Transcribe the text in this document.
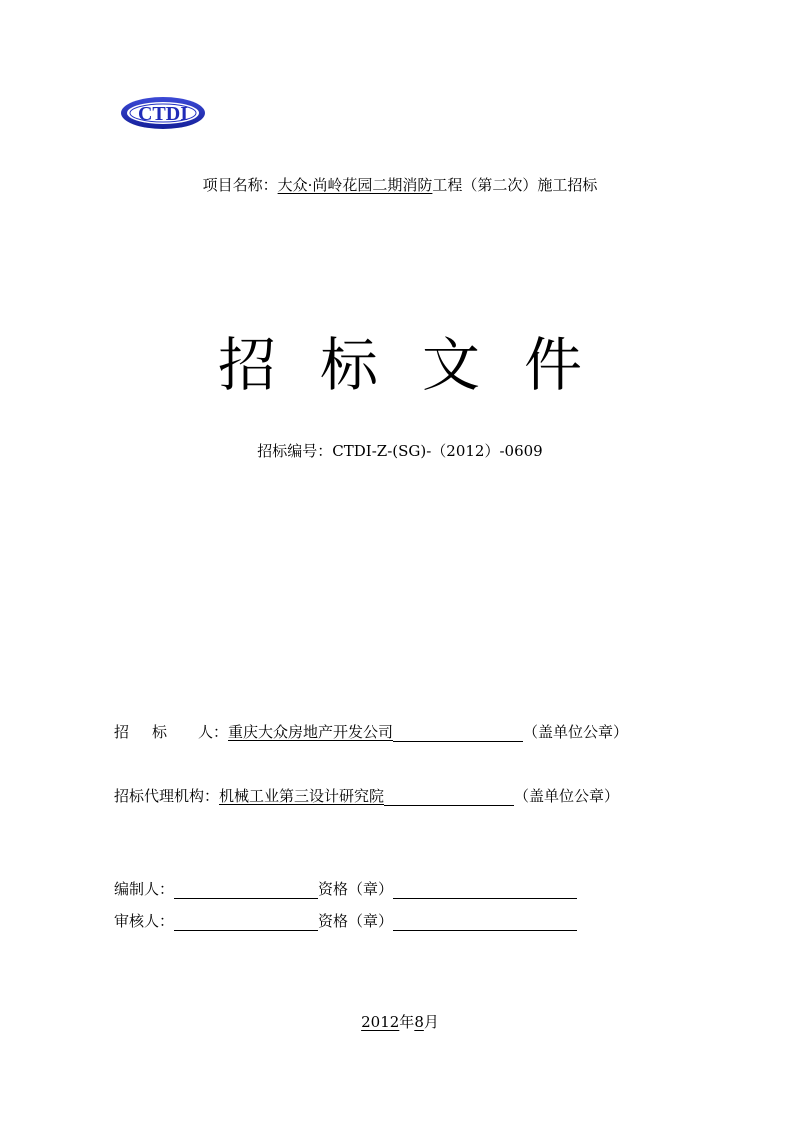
CTDI
项目名称：大众·尚岭花园二期消防工程（第二次）施工招标
招 标 文 件
招标编号：CTDI-Z-(SG)-（2012）-0609
招 标 人： 重庆大众房地产开发公司	（盖单位公章）
招标代理机构： 机械工业第三设计研究院	（盖单位公章）
编制人：	资格（章）
审核人：	资格（章）
2012年8月
